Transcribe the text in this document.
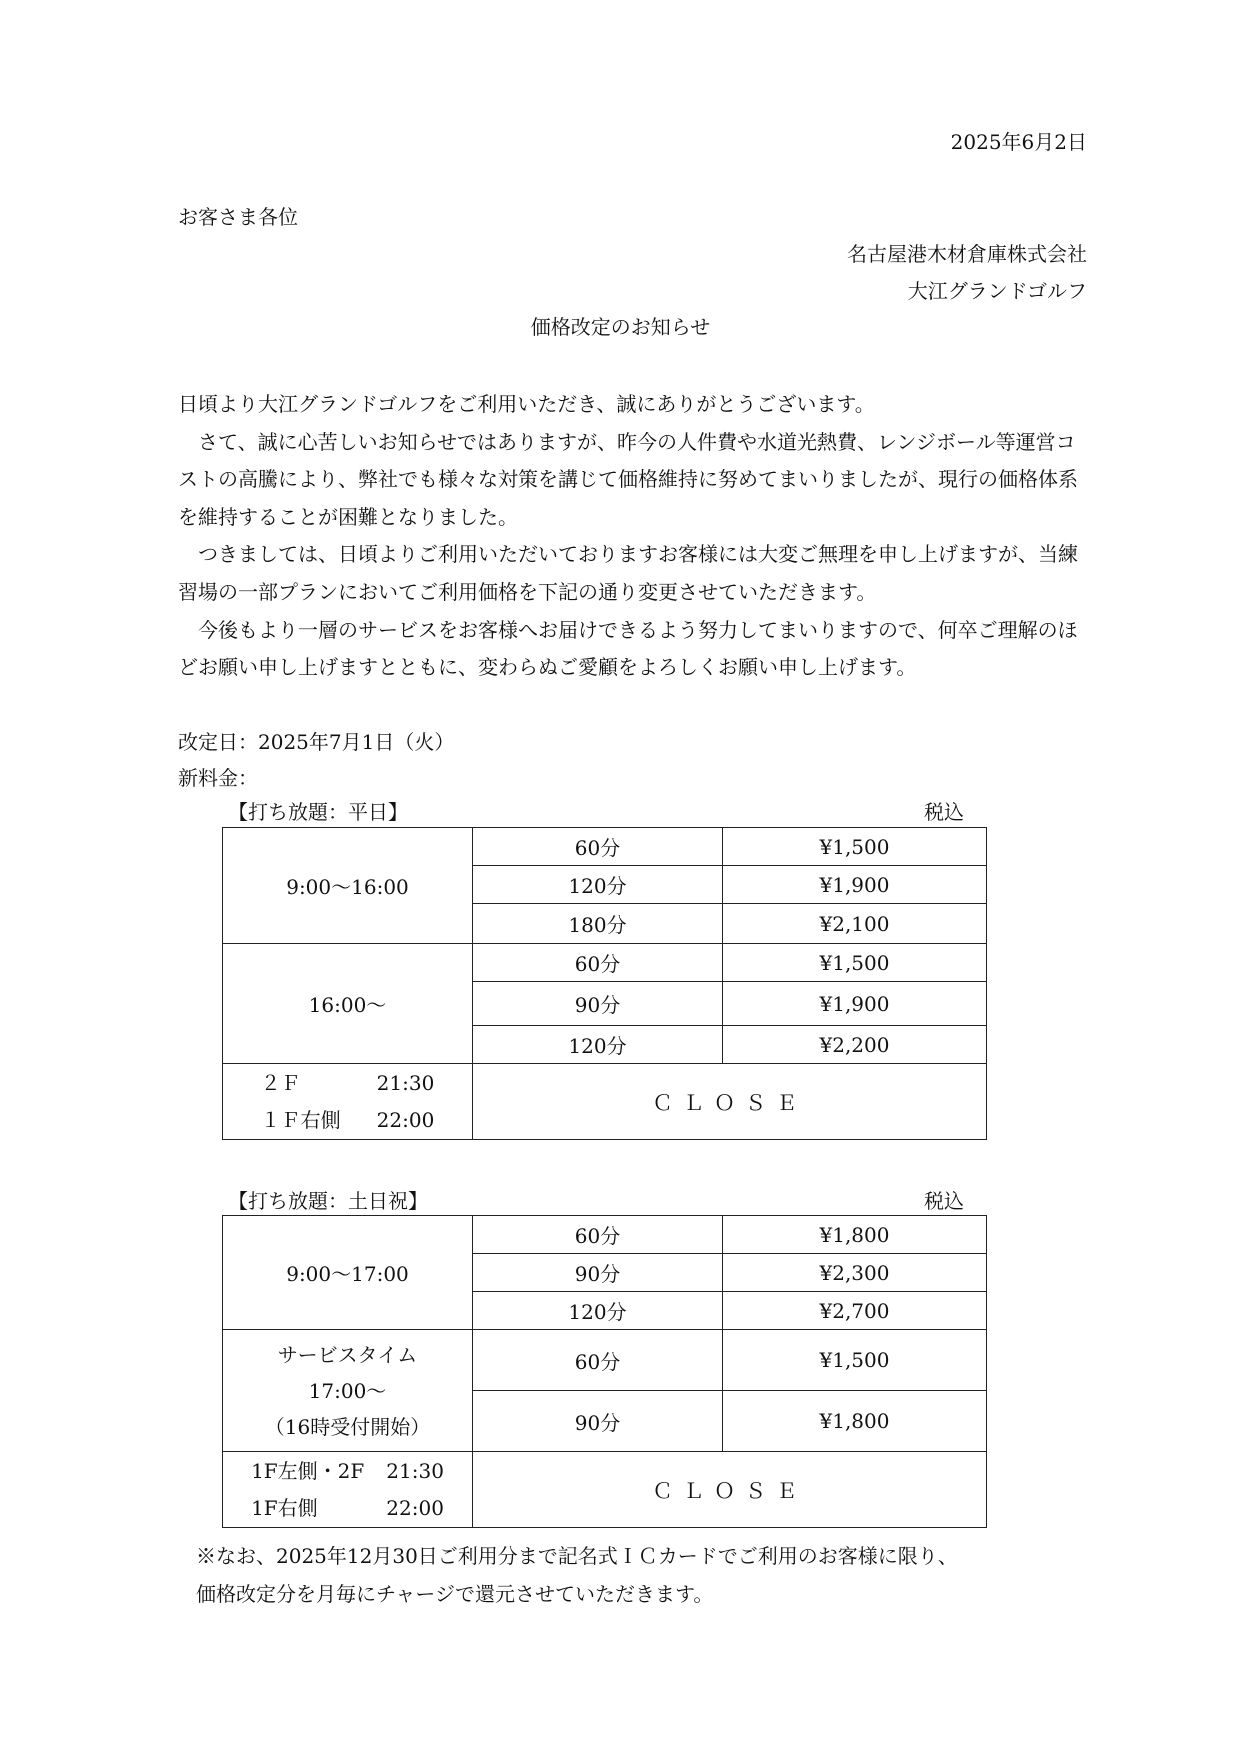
2025年6月2日
お客さま各位
名古屋港木材倉庫株式会社
大江グランドゴルフ
価格改定のお知らせ

日頃より大江グランドゴルフをご利用いただき、誠にありがとうございます。

さて、誠に心苦しいお知らせではありますが、昨今の人件費や水道光熱費、レンジボール等運営コストの高騰により、弊社でも様々な対策を講じて価格維持に努めてまいりましたが、現行の価格体系を維持することが困難となりました。

つきましては、日頃よりご利用いただいておりますお客様には大変ご無理を申し上げますが、当練習場の一部プランにおいてご利用価格を下記の通り変更させていただきます。

今後もより一層のサービスをお客様へお届けできるよう努力してまいりますので、何卒ご理解のほどお願い申し上げますとともに、変わらぬご愛顧をよろしくお願い申し上げます。

改定日：2025年7月1日（火）
新料金：
【打ち放題：平日】	税込
9:00～16:00	60分	¥1,500
	120分	¥1,900
	180分	¥2,100
16:00～	60分	¥1,500
	90分	¥1,900
	120分	¥2,200

２Ｆ 21:30
１Ｆ右側 22:00	ＣＬＯＳＥ	
【打ち放題：土日祝】	税込
9:00～17:00	60分	¥1,800
	90分	¥2,300
	120分	¥2,700

サービスタイム
17:00～
（16時受付開始）	60分	¥1,500
	90分	¥1,800

1F左側・2F 21:30
1F右側 22:00	ＣＬＯＳＥ	

※なお、2025年12月30日ご利用分まで記名式ＩＣカードでご利用のお客様に限り、

価格改定分を月毎にチャージで還元させていただきます。
